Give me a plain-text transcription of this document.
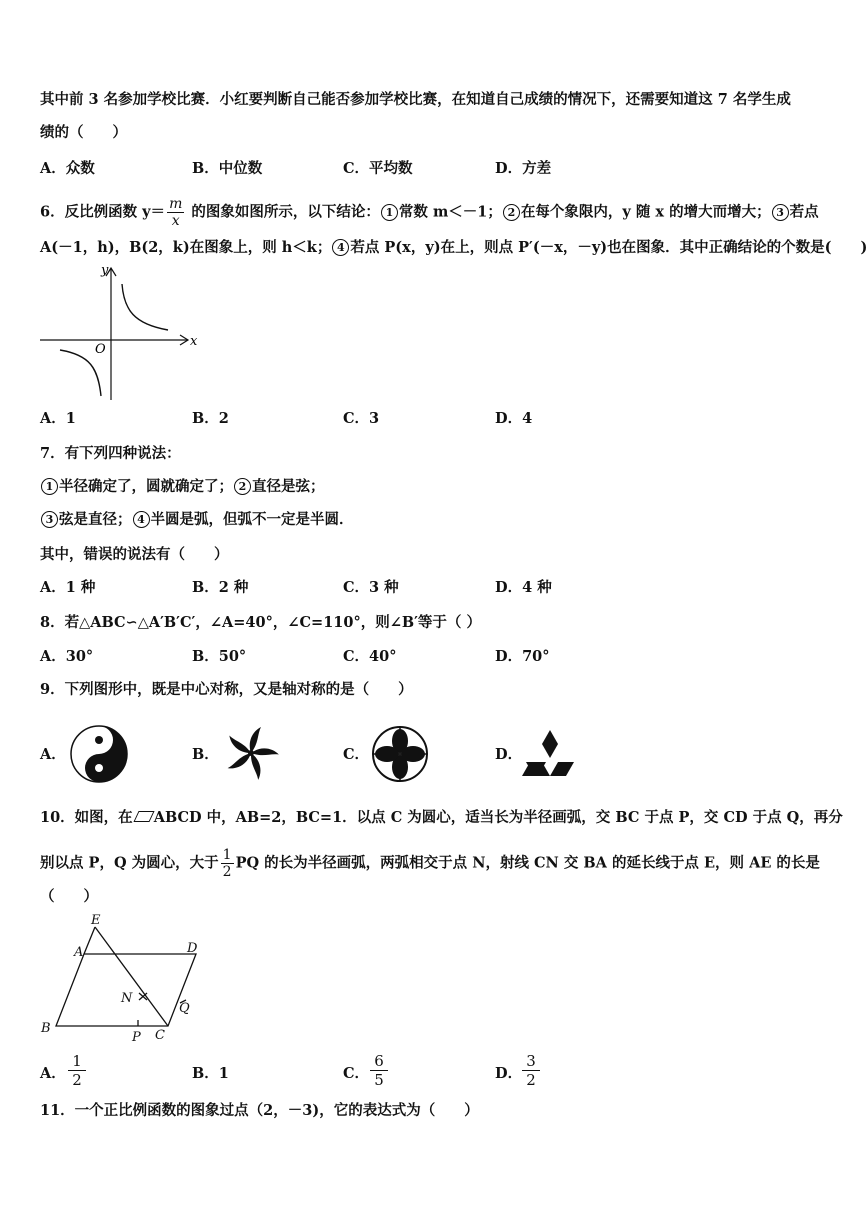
其中前 3 名参加学校比赛．小红要判断自己能否参加学校比赛，在知道自己成绩的情况下，还需要知道这 7 名学生成
绩的（　　）
A．众数	B．中位数	C．平均数	D．方差
6．反比例函数 $y= \frac{m}{x}$ 的图象如图所示，以下结论： 1 常数 m＜－1； 2 在每个象限内，y 随 x 的增大而增大； 3 若点
A(－1，h)，B(2，k)在图象上，则 h＜k； 4 若点 P(x，y)在上，则点 P′(－x，－y)也在图象．其中正确结论的个数是(　　)
x
y
O
A．1	B．2	C．3	D．4
7．有下列四种说法：
1 半径确定了，圆就确定了； 2 直径是弦；
3 弦是直径； 4 半圆是弧，但弧不一定是半圆．
其中，错误的说法有（　　）
A．1 种	B．2 种	C．3 种	D．4 种
8．若△ABC∽△A′B′C′，∠A=40°，∠C=110°，则∠B′等于（ ）
A．30°	B．50°	C．40°	D．70°
9．下列图形中，既是中心对称，又是轴对称的是（　　）
A．	B．	C．	D．
10．如图，在 ABCD 中，AB=2，BC=1．以点 C 为圆心，适当长为半径画弧，交 BC 于点 P，交 CD 于点 Q，再分
别以点 P，Q 为圆心，大于 $\frac{1}{2}$ PQ 的长为半径画弧，两弧相交于点 N，射线 CN 交 BA 的延长线于点 E，则 AE 的长是
（　　）
E
A	D
N
Q
B
P C
A． $\frac{1}{2}$	B．1	C． $\frac{6}{5}$	D． $\frac{3}{2}$
11．一个正比例函数的图象过点（2，－3)，它的表达式为（　　）
